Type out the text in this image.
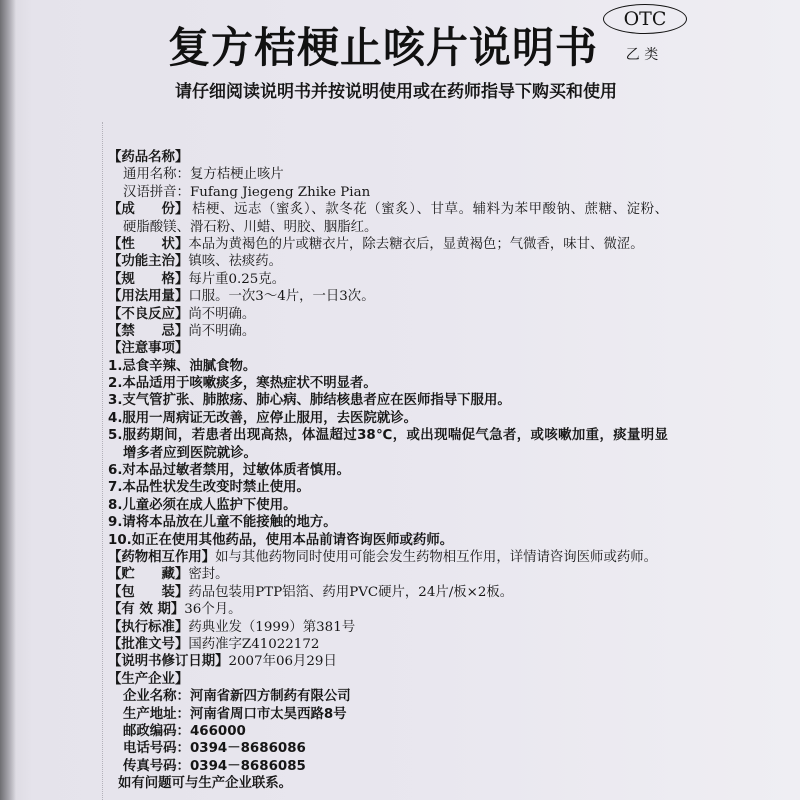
复方桔梗止咳片说明书
OTC
乙 类
请仔细阅读说明书并按说明使用或在药师指导下购买和使用
【药品名称】
通用名称：复方桔梗止咳片
汉语拼音：Fufang Jiegeng Zhike Pian
【成　　份】 桔梗、远志（蜜炙）、款冬花（蜜炙）、甘草。辅料为苯甲酸钠、蔗糖、淀粉、
硬脂酸镁、滑石粉、川蜡、明胶、胭脂红。
【性　　状】本品为黄褐色的片或糖衣片，除去糖衣后，显黄褐色；气微香，味甘、微涩。
【功能主治】镇咳、祛痰药。
【规　　格】每片重0.25克。
【用法用量】口服。一次3～4片，一日3次。
【不良反应】尚不明确。
【禁　　忌】尚不明确。
【注意事项】
1.忌食辛辣、油腻食物。
2.本品适用于咳嗽痰多，寒热症状不明显者。
3.支气管扩张、肺脓疡、肺心病、肺结核患者应在医师指导下服用。
4.服用一周病证无改善，应停止服用，去医院就诊。
5.服药期间，若患者出现高热，体温超过38℃，或出现喘促气急者，或咳嗽加重，痰量明显
增多者应到医院就诊。
6.对本品过敏者禁用，过敏体质者慎用。
7.本品性状发生改变时禁止使用。
8.儿童必须在成人监护下使用。
9.请将本品放在儿童不能接触的地方。
10.如正在使用其他药品，使用本品前请咨询医师或药师。
【药物相互作用】如与其他药物同时使用可能会发生药物相互作用，详情请咨询医师或药师。
【贮　　藏】密封。
【包　　装】药品包装用PTP铝箔、药用PVC硬片，24片/板×2板。
【有 效 期】36个月。
【执行标准】药典业发（1999）第381号
【批准文号】国药准字Z41022172
【说明书修订日期】2007年06月29日
【生产企业】
企业名称：河南省新四方制药有限公司
生产地址：河南省周口市太昊西路8号
邮政编码：466000
电话号码：0394－8686086
传真号码：0394－8686085
如有问题可与生产企业联系。
